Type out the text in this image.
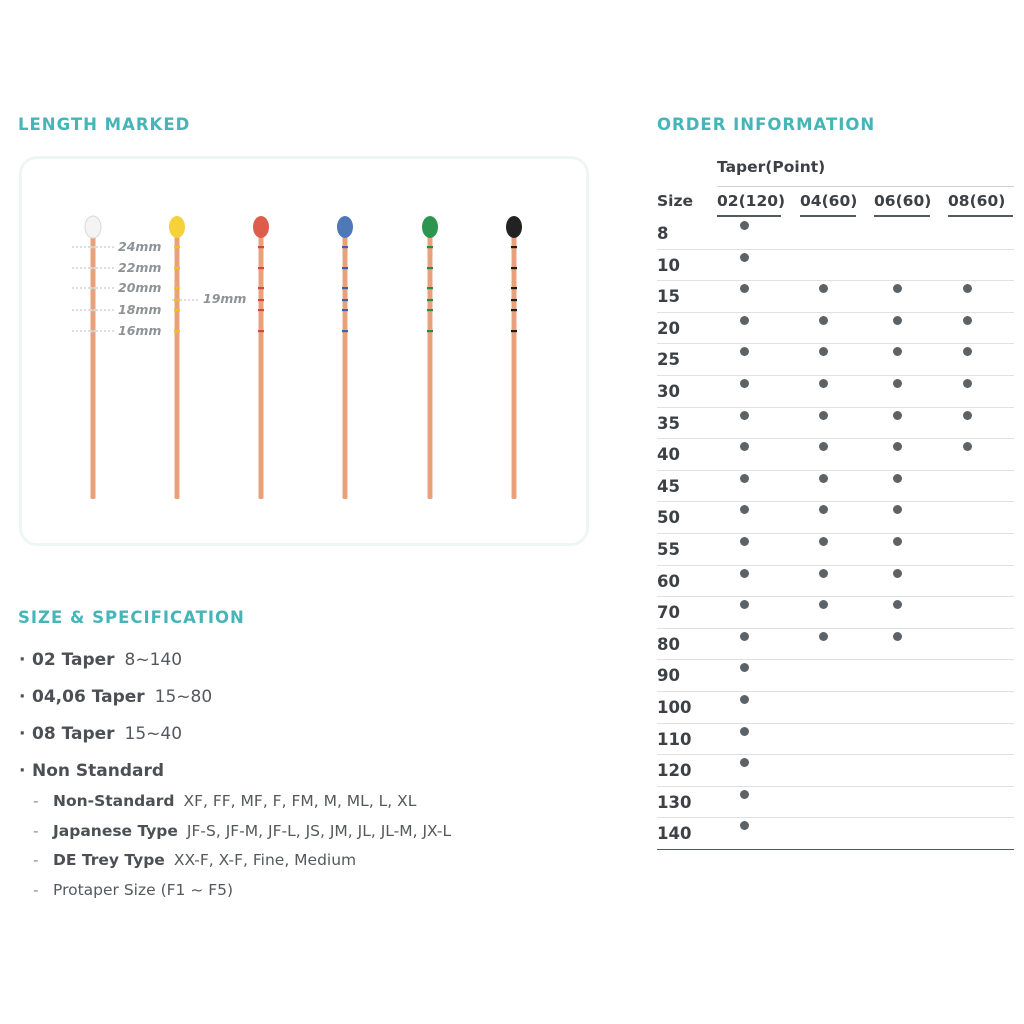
LENGTH MARKED
24mm
22mm
20mm
18mm
16mm
19mm
SIZE & SPECIFICATION
· 02 Taper 8~140
· 04,06 Taper 15~80
· 08 Taper 15~40
· Non Standard
- Non-Standard XF, FF, MF, F, FM, M, ML, L, XL
- Japanese Type JF-S, JF-M, JF-L, JS, JM, JL, JL-M, JX-L
- DE Trey Type XX-F, X-F, Fine, Medium
- Protaper Size (F1 ~ F5)
ORDER INFORMATION
Taper(Point)
Size 02(120) 04(60) 06(60) 08(60)
8
10
15
20
25
30
35
40
45
50
55
60
70
80
90
100
110
120
130
140
